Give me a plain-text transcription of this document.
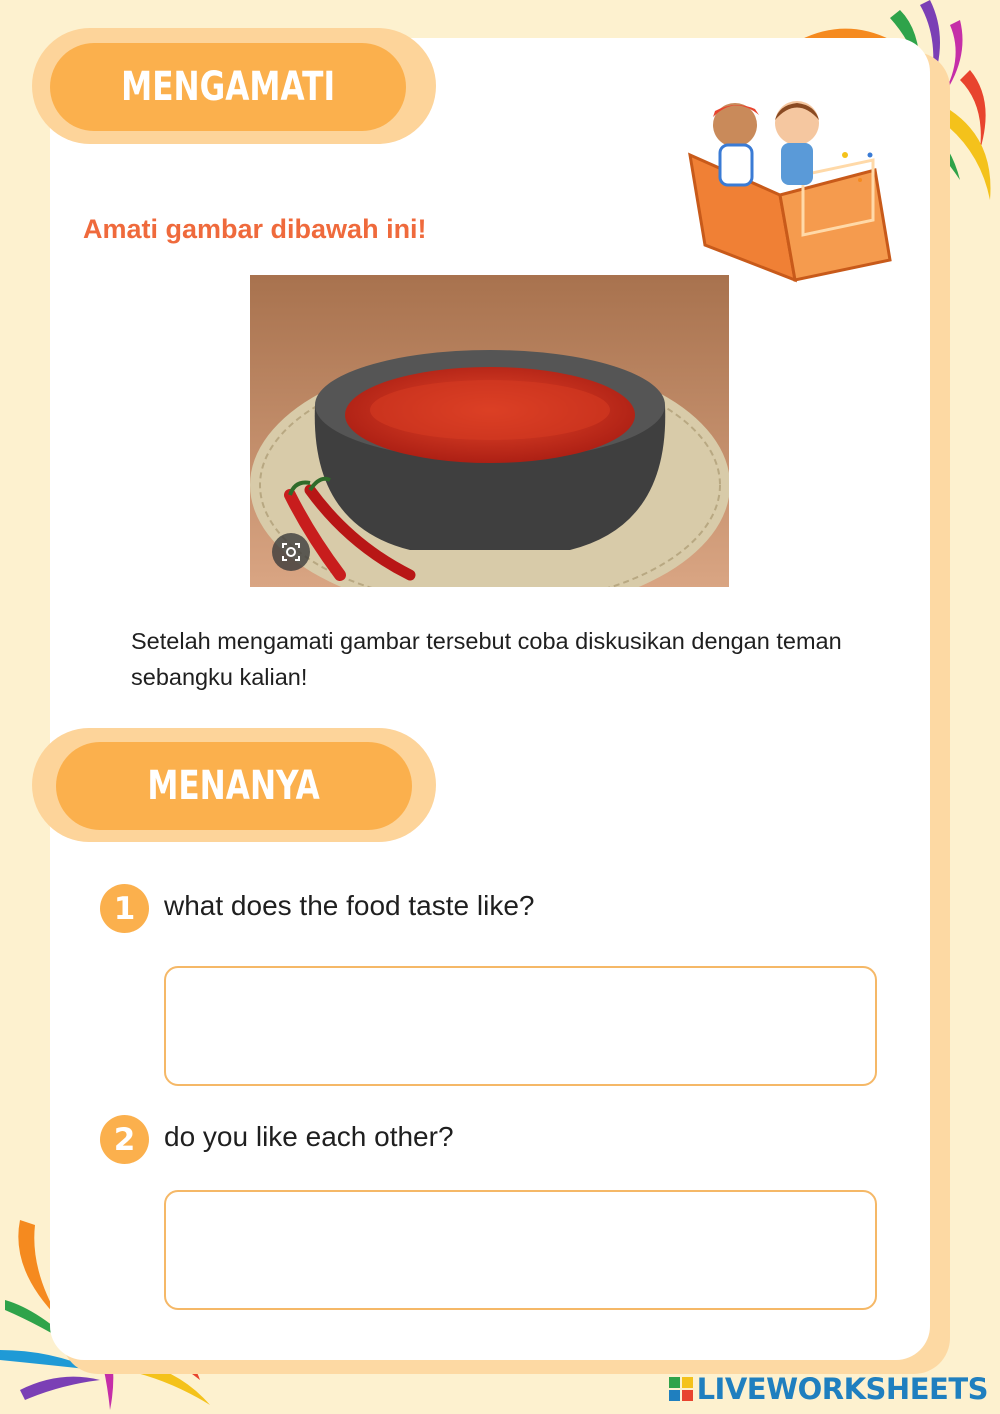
MENGAMATI
Amati gambar dibawah ini!
Setelah mengamati gambar tersebut coba diskusikan dengan teman sebangku kalian!
MENANYA
1	what does the food taste like?
2	do you like each other?
LIVEWORKSHEETS
